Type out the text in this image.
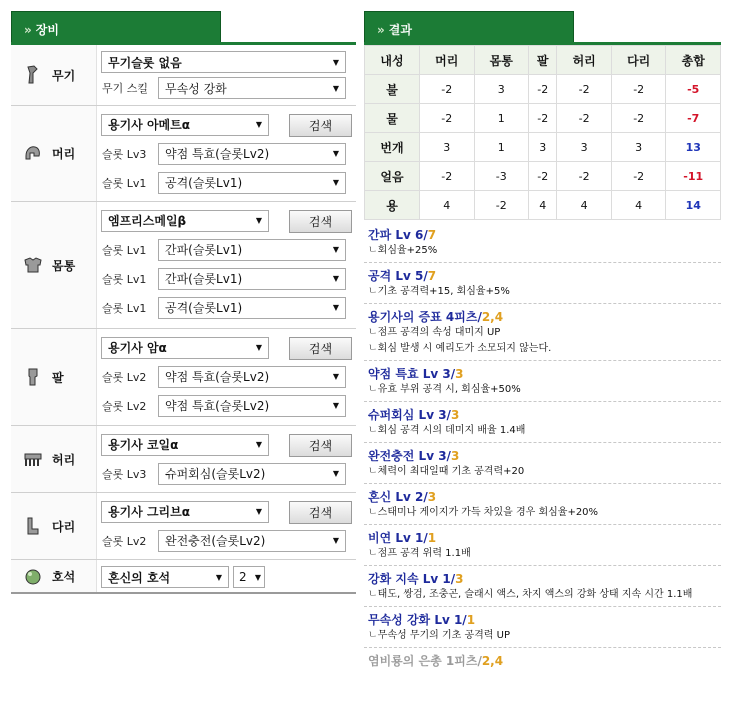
» 장비
무기
무기슬롯 없음	▼
무기 스킬	무속성 강화	▼
머리
용기사 아메트α	▼	검색
슬롯 Lv3	약점 특효(슬롯Lv2)	▼
슬롯 Lv1	공격(슬롯Lv1)	▼
몸통
엠프리스메일β	▼	검색
슬롯 Lv1	간파(슬롯Lv1)	▼
슬롯 Lv1	간파(슬롯Lv1)	▼
슬롯 Lv1	공격(슬롯Lv1)	▼
팔
용기사 암α	▼	검색
슬롯 Lv2	약점 특효(슬롯Lv2)	▼
슬롯 Lv2	약점 특효(슬롯Lv2)	▼
허리
용기사 코일α	▼	검색
슬롯 Lv3	슈퍼회심(슬롯Lv2)	▼
다리
용기사 그리브α	▼	검색
슬롯 Lv2	완전충전(슬롯Lv2)	▼
호석	혼신의 호석	▼ 2 ▼
» 결과
내성	머리	몸통	팔	허리	다리	총합
불	-2	3	-2	-2	-2	-5
물	-2	1	-2	-2	-2	-7
번개	3	1	3	3	3	13
얼음	-2	-3	-2	-2	-2	-11
용	4	-2	4	4	4	14
간파 Lv 6/7
ㄴ회심율+25%
공격 Lv 5/7
ㄴ기초 공격력+15, 회심율+5%
용기사의 증표 4피츠/2,4
ㄴ점프 공격의 속성 대미지 UP
ㄴ회심 발생 시 예리도가 소모되지 않는다.
약점 특효 Lv 3/3
ㄴ유효 부위 공격 시, 회심율+50%
슈퍼회심 Lv 3/3
ㄴ회심 공격 시의 데미지 배율 1.4배
완전충전 Lv 3/3
ㄴ체력이 최대일때 기초 공격력+20
혼신 Lv 2/3
ㄴ스태미나 게이지가 가득 차있을 경우 회심율+20%
비연 Lv 1/1
ㄴ점프 공격 위력 1.1배
강화 지속 Lv 1/3
ㄴ태도, 쌍검, 조충곤, 슬래시 액스, 차지 액스의 강화 상태 지속 시간 1.1배
무속성 강화 Lv 1/1
ㄴ무속성 무기의 기초 공격력 UP
염비룡의 은총 1피츠/2,4
